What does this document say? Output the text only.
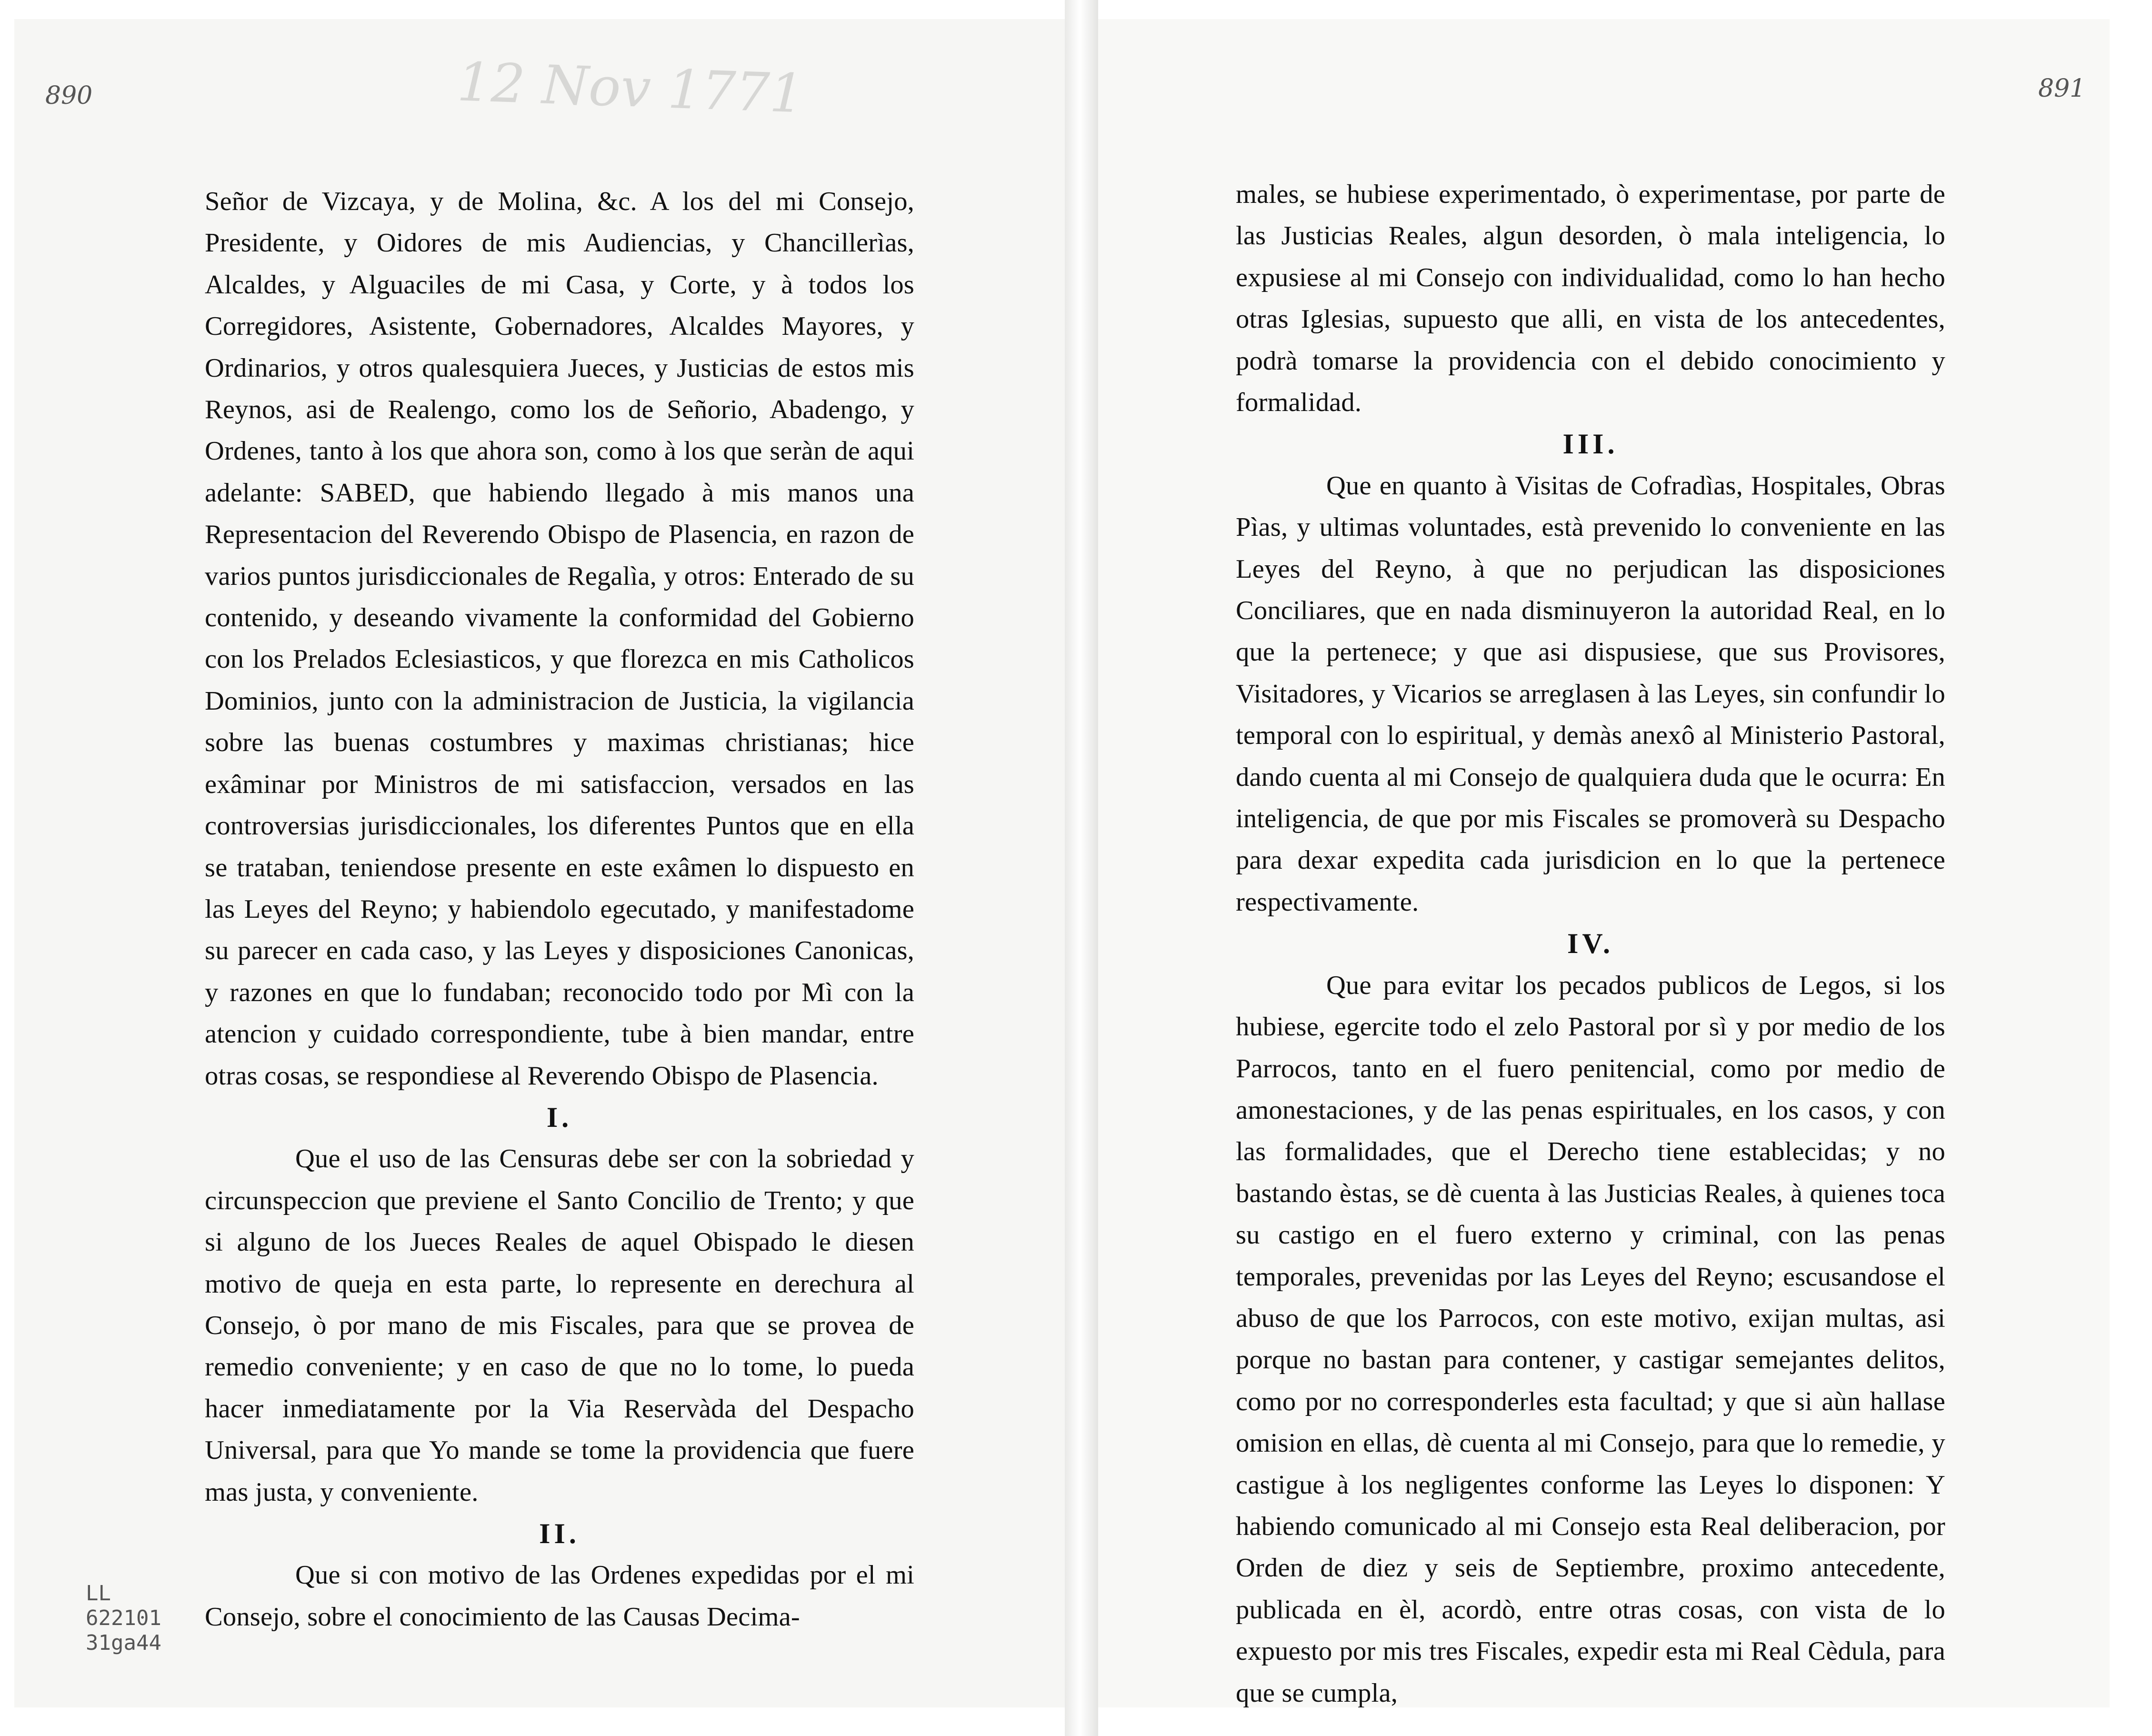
890	891
12 Nov 1771
LL
622101
31ga44

Señor de Vizcaya, y de Molina, &c. A los del mi Consejo, Presidente, y Oidores de mis Audiencias, y Chancillerìas, Alcaldes, y Alguaciles de mi Casa, y Corte, y à todos los Corregidores, Asistente, Gobernadores, Alcaldes Mayores, y Ordinarios, y otros qualesquiera Jueces, y Justicias de estos mis Reynos, asi de Realengo, como los de Señorio, Abadengo, y Ordenes, tanto à los que ahora son, como à los que seràn de aqui adelante: SABED, que habiendo llegado à mis manos una Representacion del Reverendo Obispo de Plasencia, en razon de varios puntos jurisdiccionales de Regalìa, y otros: Enterado de su contenido, y deseando vivamente la conformidad del Gobierno con los Prelados Eclesiasticos, y que florezca en mis Catholicos Dominios, junto con la administracion de Justicia, la vigilancia sobre las buenas costumbres y maximas christianas; hice exâminar por Ministros de mi satisfaccion, versados en las controversias jurisdiccionales, los diferentes Puntos que en ella se trataban, teniendose presente en este exâmen lo dispuesto en las Leyes del Reyno; y habiendolo egecutado, y manifestadome su parecer en cada caso, y las Leyes y disposiciones Canonicas, y razones en que lo fundaban; reconocido todo por Mì con la atencion y cuidado correspondiente, tube à bien mandar, entre otras cosas, se respondiese al Reverendo Obispo de Plasencia.

I.

Que el uso de las Censuras debe ser con la sobriedad y circunspeccion que previene el Santo Concilio de Trento; y que si alguno de los Jueces Reales de aquel Obispado le diesen motivo de queja en esta parte, lo represente en derechura al Consejo, ò por mano de mis Fiscales, para que se provea de remedio conveniente; y en caso de que no lo tome, lo pueda hacer inmediatamente por la Via Reservàda del Despacho Universal, para que Yo mande se tome la providencia que fuere mas justa, y conveniente.

II.

Que si con motivo de las Ordenes expedidas por el mi Consejo, sobre el conocimiento de las Causas Decima-

males, se hubiese experimentado, ò experimentase, por parte de las Justicias Reales, algun desorden, ò mala inteligencia, lo expusiese al mi Consejo con individualidad, como lo han hecho otras Iglesias, supuesto que alli, en vista de los antecedentes, podrà tomarse la providencia con el debido conocimiento y formalidad.

III.

Que en quanto à Visitas de Cofradìas, Hospitales, Obras Pìas, y ultimas voluntades, està prevenido lo conveniente en las Leyes del Reyno, à que no perjudican las disposiciones Conciliares, que en nada disminuyeron la autoridad Real, en lo que la pertenece; y que asi dispusiese, que sus Provisores, Visitadores, y Vicarios se arreglasen à las Leyes, sin confundir lo temporal con lo espiritual, y demàs anexô al Ministerio Pastoral, dando cuenta al mi Consejo de qualquiera duda que le ocurra: En inteligencia, de que por mis Fiscales se promoverà su Despacho para dexar expedita cada jurisdicion en lo que la pertenece respectivamente.

IV.

Que para evitar los pecados publicos de Legos, si los hubiese, egercite todo el zelo Pastoral por sì y por medio de los Parrocos, tanto en el fuero penitencial, como por medio de amonestaciones, y de las penas espirituales, en los casos, y con las formalidades, que el Derecho tiene establecidas; y no bastando èstas, se dè cuenta à las Justicias Reales, à quienes toca su castigo en el fuero externo y criminal, con las penas temporales, prevenidas por las Leyes del Reyno; escusandose el abuso de que los Parrocos, con este motivo, exijan multas, asi porque no bastan para contener, y castigar semejantes delitos, como por no corresponderles esta facultad; y que si aùn hallase omision en ellas, dè cuenta al mi Consejo, para que lo remedie, y castigue à los negligentes conforme las Leyes lo disponen: Y habiendo comunicado al mi Consejo esta Real deliberacion, por Orden de diez y seis de Septiembre, proximo antecedente, publicada en èl, acordò, entre otras cosas, con vista de lo expuesto por mis tres Fiscales, expedir esta mi Real Cèdula, para que se cumpla,
